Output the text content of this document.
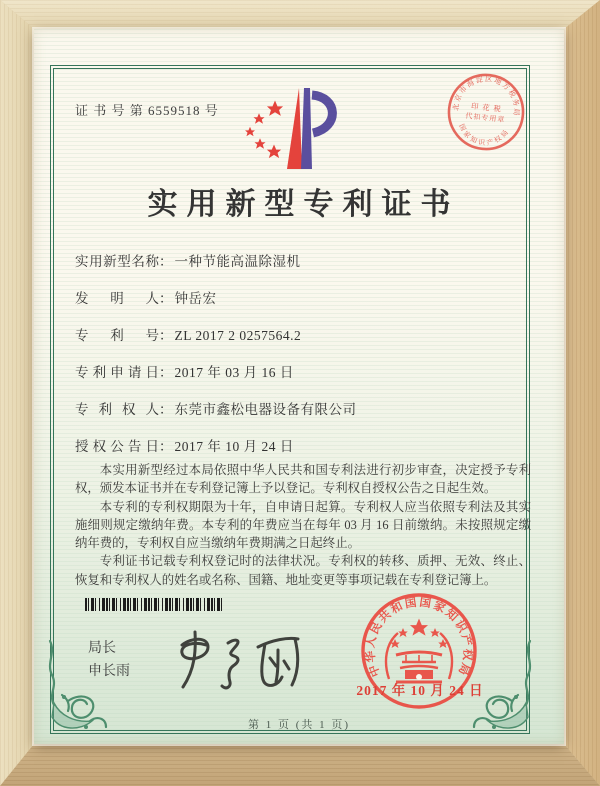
证 书 号 第 6559518 号	北京市海淀区地方税务局
印 花 税
代扣专用章
国家知识产权局
实用新型专利证书
实用新型名称： 一种节能高温除湿机
发明人： 钟岳宏
专利号： ZL 2017 2 0257564.2
专利申请日： 2017 年 03 月 16 日
专利权人： 东莞市鑫松电器设备有限公司
授权公告日： 2017 年 10 月 24 日

本实用新型经过本局依照中华人民共和国专利法进行初步审查，决定授予专利权，颁发本证书并在专利登记簿上予以登记。专利权自授权公告之日起生效。

本专利的专利权期限为十年，自申请日起算。专利权人应当依照专利法及其实施细则规定缴纳年费。本专利的年费应当在每年 03 月 16 日前缴纳。未按照规定缴纳年费的，专利权自应当缴纳年费期满之日起终止。

专利证书记载专利权登记时的法律状况。专利权的转移、质押、无效、终止、恢复和专利权人的姓名或名称、国籍、地址变更等事项记载在专利登记簿上。

局长
申长雨	中华人民共和国国家知识产权局
2017 年 10 月 24 日
第 1 页 (共 1 页)
